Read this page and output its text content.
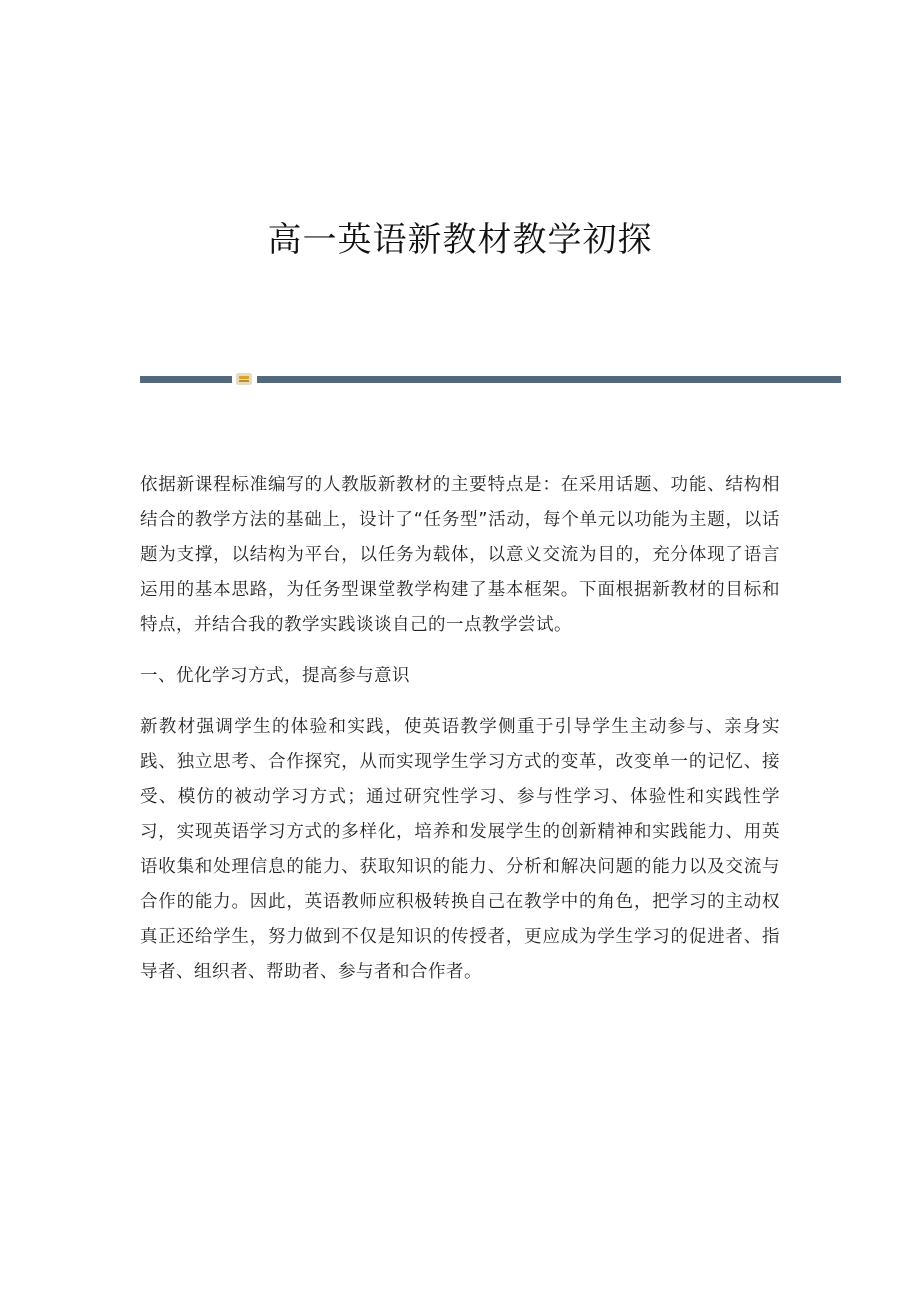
高一英语新教材教学初探

依据新课程标准编写的人教版新教材的主要特点是：在采用话题、功能、结构相结合的教学方法的基础上，设计了“任务型”活动，每个单元以功能为主题，以话题为支撑，以结构为平台，以任务为载体，以意义交流为目的，充分体现了语言运用的基本思路，为任务型课堂教学构建了基本框架。下面根据新教材的目标和特点，并结合我的教学实践谈谈自己的一点教学尝试。

一、优化学习方式，提高参与意识

新教材强调学生的体验和实践，使英语教学侧重于引导学生主动参与、亲身实践、独立思考、合作探究，从而实现学生学习方式的变革，改变单一的记忆、接受、模仿的被动学习方式；通过研究性学习、参与性学习、体验性和实践性学习，实现英语学习方式的多样化，培养和发展学生的创新精神和实践能力、用英语收集和处理信息的能力、获取知识的能力、分析和解决问题的能力以及交流与合作的能力。因此，英语教师应积极转换自己在教学中的角色，把学习的主动权真正还给学生，努力做到不仅是知识的传授者，更应成为学生学习的促进者、指导者、组织者、帮助者、参与者和合作者。
